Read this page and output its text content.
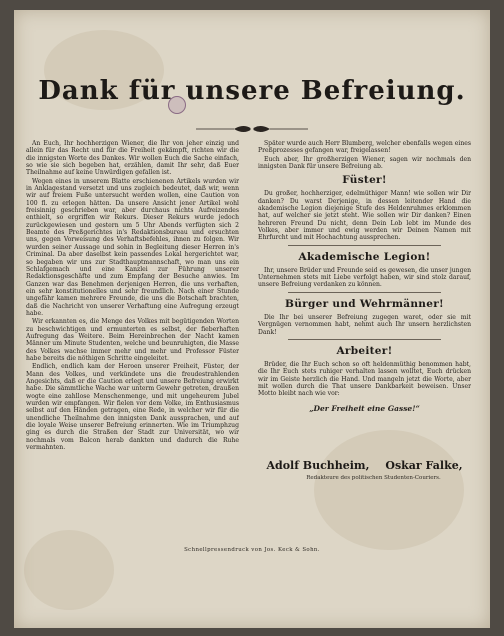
Dank für unsere Befreiung.

An Euch, Ihr hochherzigen Wiener, die Ihr von jeher einzig und allein für das Recht und für die Freiheit gekämpft, richten wir die die innigsten Worte des Dankes. Wir wollen Euch die Sache einfach, so wie sie sich begeben hat, erzählen, damit Ihr sehr, daß Euer Theilnahme auf keine Unwürdigen gefallen ist.

Wegen eines in unserem Blatte erschienenen Artikels wurden wir in Anklagestand versetzt und uns zugleich bedeutet, daß wir, wenn wir auf freiem Fuße untersucht werden wollen, eine Caution von 100 fl. zu erlegen hätten. Da unsere Ansicht jener Artikel wohl freisinnig geschrieben war, aber durchaus nichts Aufreizendes enthielt, so ergriffen wir Rekurs. Dieser Rekurs wurde jedoch zurückgewiesen und gestern um 5 Uhr Abends verfügten sich 2 Beamte des Preßgerichtes in's Redaktionsbureau und ersuchten uns, gegen Vorweisung des Verhaftsbefehles, ihnen zu folgen. Wir wurden seiner Aussage und sohin in Begleitung dieser Herren in's Criminal. Da aber daselbst kein passendes Lokal hergerichtet war, so begaben wir uns zur Stadthauptmannschaft, wo man uns ein Schlafgemach und eine Kanzlei zur Führung unserer Redaktionsgeschäfte und zum Empfang der Besuche anwies. Im Ganzen war das Benehmen derjenigen Herren, die uns verhaften, ein sehr konstitutionelles und sehr freundlich. Nach einer Stunde ungefähr kamen mehrere Freunde, die uns die Botschaft brachten, daß die Nachricht von unserer Verhaftung eine Aufregung erzeugt habe.

Wir erkannten es, die Menge des Volkes mit begütigenden Worten zu beschwichtigen und ermunterten es selbst, der fieberhaften Aufregung das Weitere. Beim Hereinbrechen der Nacht kamen Männer um Minute Studenten, welche und beunruhigten, die Masse des Volkes wachse immer mehr und mehr und Professor Füster habe bereits die nöthigen Schritte eingeleitet.

Endlich, endlich kam der Heroen unserer Freiheit, Füster, der Mann des Volkes, und verkündete uns die freudestrahlenden Angesichts, daß er die Caution erlegt und unsere Befreiung erwirkt habe. Die sämmtliche Wache war unterm Gewehr getreten, draußen wogte eine zahllose Menschenmenge, und mit ungeheurem Jubel wurden wir empfangen. Wir fielen vor dem Volke, im Enthusiasmus selbst auf den Händen getragen, eine Rede, in welcher wir für die unendliche Theilnahme den innigsten Dank aussprachen, und auf die loyale Weise unserer Befreiung erinnerten. Wie im Triumphzug ging es durch die Straßen der Stadt zur Universität, wo wir nochmals vom Balcon herab dankten und dadurch die Ruhe vermahnten.

Später wurde auch Herr Blumberg, welcher ebenfalls wegen eines Preßprozesses gefangen war, freigelassen!

Euch aber, Ihr großherzigen Wiener, sagen wir nochmals den innigsten Dank für unsere Befreiung ab.

Füster!

Du großer, hochherziger, edelmüthiger Mann! wie sollen wir Dir danken? Du warst Derjenige, in dessen leitender Hand die akademische Legion diejenige Stufe des Heldenruhmes erklommen hat, auf welcher sie jetzt steht. Wie sollen wir Dir danken? Einen hehreren Freund Du nicht, denn Dein Lob lebt im Munde des Volkes, aber immer und ewig werden wir Deinen Namen mit Ehrfurcht und mit Hochachtung aussprechen.

Akademische Legion!

Ihr, unsere Brüder und Freunde seid es gewesen, die unser jungen Unternehmen stets mit Liebe verfolgt haben, wir sind stolz darauf, unsere Befreiung verdanken zu können.

Bürger und Wehrmänner!

Die Ihr bei unserer Befreiung zugegen waret, oder sie mit Vergnügen vernommen habt, nehmt auch Ihr unsern herzlichsten Dank!

Arbeiter!

Brüder, die Ihr Euch schon so oft heldenmüthig benommen habt, die Ihr Euch stets ruhiger verhalten lassen wolltet, Euch drücken wir im Geiste herzlich die Hand. Und mangeln jetzt die Worte, aber mit wollen durch die That unsere Dankbarkeit beweisen. Unser Motto bleibt nach wie vor:

„Der Freiheit eine Gasse!“
Adolf Buchheim, Oskar Falke,
Redakteure des politischen Studenten-Couriers.
Schnellpressendruck von Jos. Keck & Sohn.
